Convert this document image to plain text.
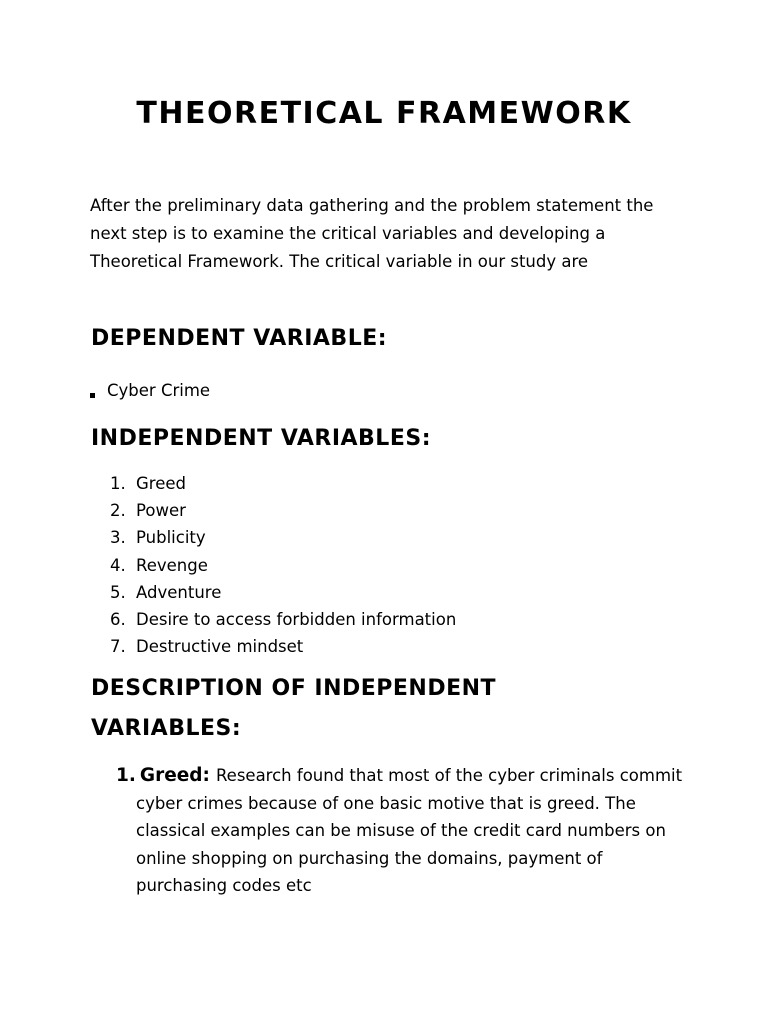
THEORETICAL FRAMEWORK
After the preliminary data gathering and the problem statement the
next step is to examine the critical variables and developing a
Theoretical Framework. The critical variable in our study are
DEPENDENT VARIABLE:
Cyber Crime
INDEPENDENT VARIABLES:
1. Greed
2. Power
3. Publicity
4. Revenge
5. Adventure
6. Desire to access forbidden information
7. Destructive mindset
DESCRIPTION OF INDEPENDENT
VARIABLES:
1. Greed: Research found that most of the cyber criminals commit
cyber crimes because of one basic motive that is greed. The
classical examples can be misuse of the credit card numbers on
online shopping on purchasing the domains, payment of
purchasing codes etc
